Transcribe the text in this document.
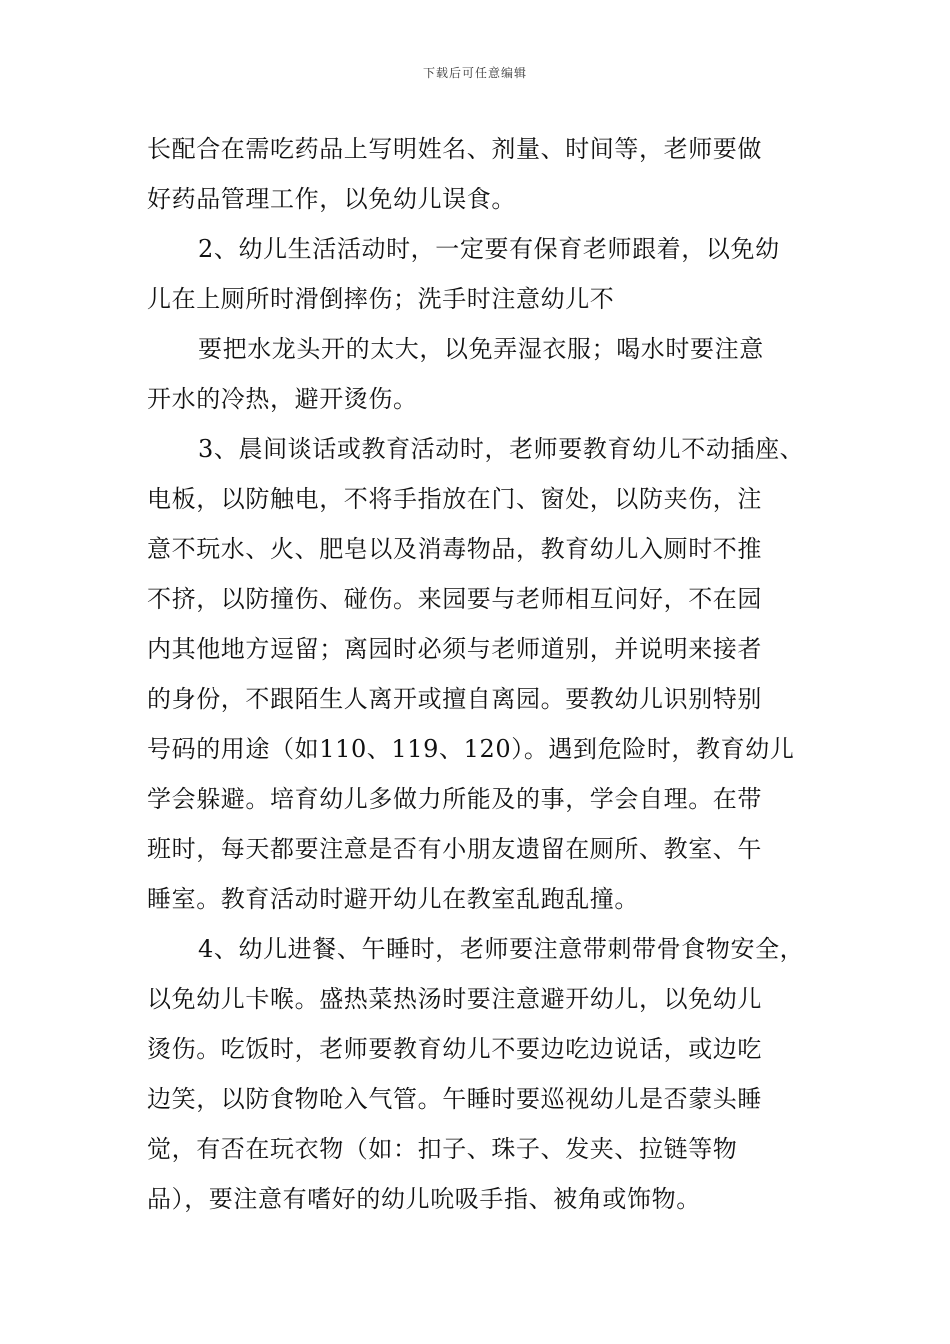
下载后可任意编辑
长配合在需吃药品上写明姓名、剂量、时间等，老师要做
好药品管理工作，以免幼儿误食。
2、幼儿生活活动时，一定要有保育老师跟着，以免幼
儿在上厕所时滑倒摔伤；洗手时注意幼儿不
要把水龙头开的太大，以免弄湿衣服；喝水时要注意
开水的冷热，避开烫伤。
3、晨间谈话或教育活动时，老师要教育幼儿不动插座、
电板，以防触电，不将手指放在门、窗处，以防夹伤，注
意不玩水、火、肥皂以及消毒物品，教育幼儿入厕时不推
不挤，以防撞伤、碰伤。来园要与老师相互问好，不在园
内其他地方逗留；离园时必须与老师道别，并说明来接者
的身份，不跟陌生人离开或擅自离园。要教幼儿识别特别
号码的用途（如110、119、120）。遇到危险时，教育幼儿
学会躲避。培育幼儿多做力所能及的事，学会自理。在带
班时，每天都要注意是否有小朋友遗留在厕所、教室、午
睡室。教育活动时避开幼儿在教室乱跑乱撞。
4、幼儿进餐、午睡时，老师要注意带刺带骨食物安全，
以免幼儿卡喉。盛热菜热汤时要注意避开幼儿，以免幼儿
烫伤。吃饭时，老师要教育幼儿不要边吃边说话，或边吃
边笑，以防食物呛入气管。午睡时要巡视幼儿是否蒙头睡
觉，有否在玩衣物（如：扣子、珠子、发夹、拉链等物
品），要注意有嗜好的幼儿吮吸手指、被角或饰物。
